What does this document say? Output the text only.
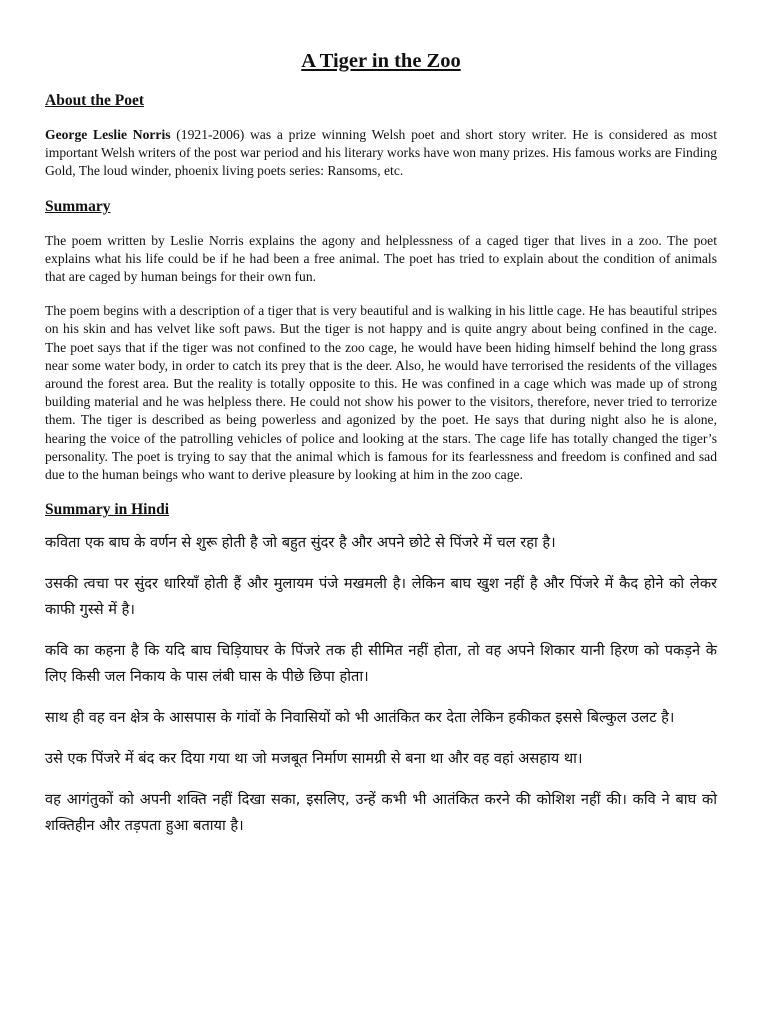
A Tiger in the Zoo
About the Poet

George Leslie Norris (1921-2006) was a prize winning Welsh poet and short story writer. He is considered as most important Welsh writers of the post war period and his literary works have won many prizes. His famous works are Finding Gold, The loud winder, phoenix living poets series: Ransoms, etc.

Summary

The poem written by Leslie Norris explains the agony and helplessness of a caged tiger that lives in a zoo. The poet explains what his life could be if he had been a free animal. The poet has tried to explain about the condition of animals that are caged by human beings for their own fun.

The poem begins with a description of a tiger that is very beautiful and is walking in his little cage. He has beautiful stripes on his skin and has velvet like soft paws. But the tiger is not happy and is quite angry about being confined in the cage. The poet says that if the tiger was not confined to the zoo cage, he would have been hiding himself behind the long grass near some water body, in order to catch its prey that is the deer. Also, he would have terrorised the residents of the villages around the forest area. But the reality is totally opposite to this. He was confined in a cage which was made up of strong building material and he was helpless there. He could not show his power to the visitors, therefore, never tried to terrorize them. The tiger is described as being powerless and agonized by the poet. He says that during night also he is alone, hearing the voice of the patrolling vehicles of police and looking at the stars. The cage life has totally changed the tiger’s personality. The poet is trying to say that the animal which is famous for its fearlessness and freedom is confined and sad due to the human beings who want to derive pleasure by looking at him in the zoo cage.

Summary in Hindi

कविता एक बाघ के वर्णन से शुरू होती है जो बहुत सुंदर है और अपने छोटे से पिंजरे में चल रहा है।

उसकी त्वचा पर सुंदर धारियाँ होती हैं और मुलायम पंजे मखमली है। लेकिन बाघ खुश नहीं है और पिंजरे में कैद होने को लेकर काफी गुस्से में है।

कवि का कहना है कि यदि बाघ चिड़ियाघर के पिंजरे तक ही सीमित नहीं होता, तो वह अपने शिकार यानी हिरण को पकड़ने के लिए किसी जल निकाय के पास लंबी घास के पीछे छिपा होता।

साथ ही वह वन क्षेत्र के आसपास के गांवों के निवासियों को भी आतंकित कर देता लेकिन हकीकत इससे बिल्कुल उलट है।

उसे एक पिंजरे में बंद कर दिया गया था जो मजबूत निर्माण सामग्री से बना था और वह वहां असहाय था।

वह आगंतुकों को अपनी शक्ति नहीं दिखा सका, इसलिए, उन्हें कभी भी आतंकित करने की कोशिश नहीं की। कवि ने बाघ को शक्तिहीन और तड़पता हुआ बताया है।
